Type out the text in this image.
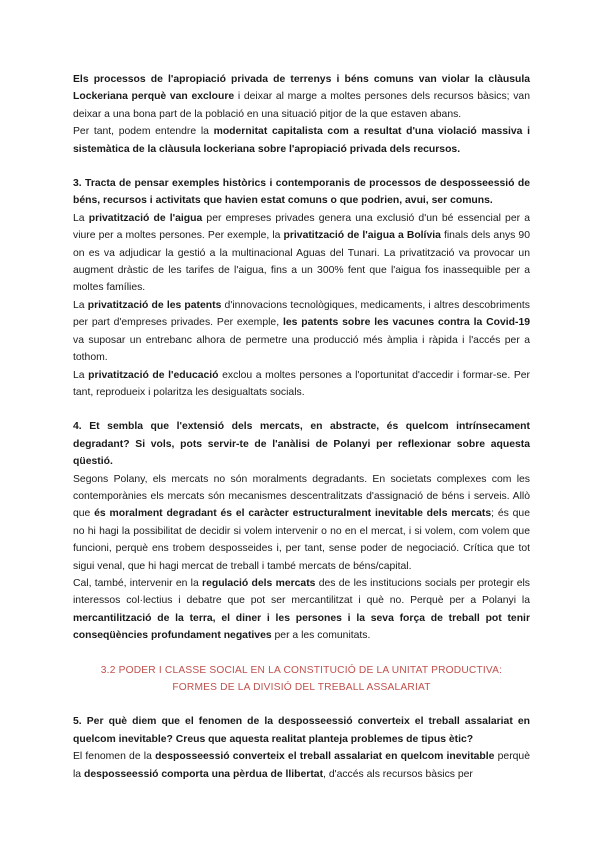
Els processos de l'apropiació privada de terrenys i béns comuns van violar la clàusula Lockeriana perquè van excloure i deixar al marge a moltes persones dels recursos bàsics; van deixar a una bona part de la població en una situació pitjor de la que estaven abans.

Per tant, podem entendre la modernitat capitalista com a resultat d'una violació massiva i sistemàtica de la clàusula lockeriana sobre l'apropiació privada dels recursos.

3. Tracta de pensar exemples històrics i contemporanis de processos de desposseessió de béns, recursos i activitats que havien estat comuns o que podrien, avui, ser comuns.

La privatització de l'aigua per empreses privades genera una exclusió d'un bé essencial per a viure per a moltes persones. Per exemple, la privatització de l'aigua a Bolívia finals dels anys 90 on es va adjudicar la gestió a la multinacional Aguas del Tunari. La privatització va provocar un augment dràstic de les tarifes de l'aigua, fins a un 300% fent que l'aigua fos inassequible per a moltes famílies.

La privatització de les patents d'innovacions tecnològiques, medicaments, i altres descobriments per part d'empreses privades. Per exemple, les patents sobre les vacunes contra la Covid-19 va suposar un entrebanc alhora de permetre una producció més àmplia i ràpida i l'accés per a tothom.

La privatització de l'educació exclou a moltes persones a l'oportunitat d'accedir i formar-se. Per tant, reprodueix i polaritza les desigualtats socials.

4. Et sembla que l'extensió dels mercats, en abstracte, és quelcom intrínsecament degradant? Si vols, pots servir-te de l'anàlisi de Polanyi per reflexionar sobre aquesta qüestió.

Segons Polany, els mercats no són moralments degradants. En societats complexes com les contemporànies els mercats són mecanismes descentralitzats d'assignació de béns i serveis. Allò que és moralment degradant és el caràcter estructuralment inevitable dels mercats; és que no hi hagi la possibilitat de decidir si volem intervenir o no en el mercat, i si volem, com volem que funcioni, perquè ens trobem desposseides i, per tant, sense poder de negociació. Crítica que tot sigui venal, que hi hagi mercat de treball i també mercats de béns/capital.

Cal, també, intervenir en la regulació dels mercats des de les institucions socials per protegir els interessos col·lectius i debatre que pot ser mercantilitzat i què no. Perquè per a Polanyi la mercantilització de la terra, el diner i les persones i la seva força de treball pot tenir conseqüències profundament negatives per a les comunitats.

3.2 PODER I CLASSE SOCIAL EN LA CONSTITUCIÓ DE LA UNITAT PRODUCTIVA:

FORMES DE LA DIVISIÓ DEL TREBALL ASSALARIAT

5. Per què diem que el fenomen de la desposseessió converteix el treball assalariat en quelcom inevitable? Creus que aquesta realitat planteja problemes de tipus ètic?

El fenomen de la desposseessió converteix el treball assalariat en quelcom inevitable perquè la desposseessió comporta una pèrdua de llibertat, d'accés als recursos bàsics per
